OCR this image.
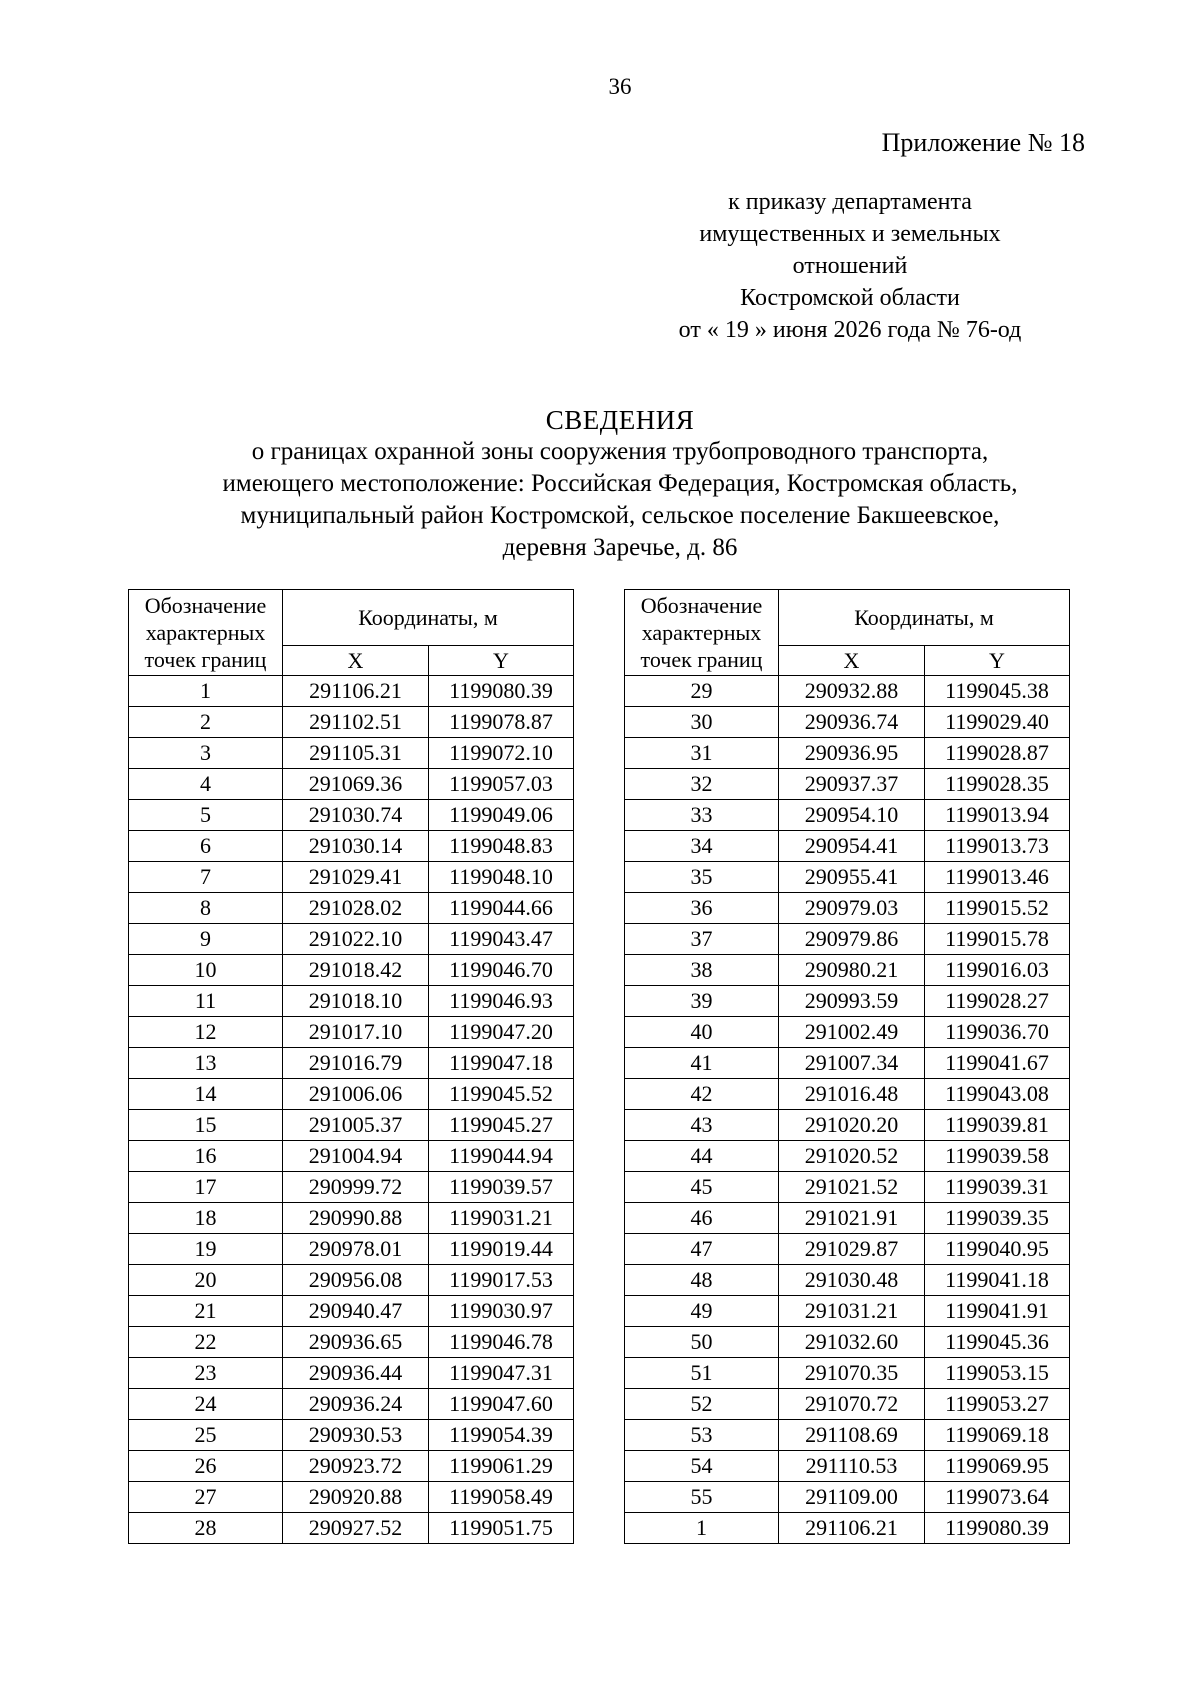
36
Приложение № 18
к приказу департамента
имущественных и земельных
отношений
Костромской области
от « 19 » июня 2026 года № 76-од
СВЕДЕНИЯ
о границах охранной зоны сооружения трубопроводного транспорта,
имеющего местоположение: Российская Федерация, Костромская область,
муниципальный район Костромской, сельское поселение Бакшеевское,
деревня Заречье, д. 86
Обозначение характерных точек границ	Координаты, м	
	X	Y
1	291106.21	1199080.39
2	291102.51	1199078.87
3	291105.31	1199072.10
4	291069.36	1199057.03
5	291030.74	1199049.06
6	291030.14	1199048.83
7	291029.41	1199048.10
8	291028.02	1199044.66
9	291022.10	1199043.47
10	291018.42	1199046.70
11	291018.10	1199046.93
12	291017.10	1199047.20
13	291016.79	1199047.18
14	291006.06	1199045.52
15	291005.37	1199045.27
16	291004.94	1199044.94
17	290999.72	1199039.57
18	290990.88	1199031.21
19	290978.01	1199019.44
20	290956.08	1199017.53
21	290940.47	1199030.97
22	290936.65	1199046.78
23	290936.44	1199047.31
24	290936.24	1199047.60
25	290930.53	1199054.39
26	290923.72	1199061.29
27	290920.88	1199058.49
28	290927.52	1199051.75
Обозначение характерных точек границ	Координаты, м	
	X	Y
29	290932.88	1199045.38
30	290936.74	1199029.40
31	290936.95	1199028.87
32	290937.37	1199028.35
33	290954.10	1199013.94
34	290954.41	1199013.73
35	290955.41	1199013.46
36	290979.03	1199015.52
37	290979.86	1199015.78
38	290980.21	1199016.03
39	290993.59	1199028.27
40	291002.49	1199036.70
41	291007.34	1199041.67
42	291016.48	1199043.08
43	291020.20	1199039.81
44	291020.52	1199039.58
45	291021.52	1199039.31
46	291021.91	1199039.35
47	291029.87	1199040.95
48	291030.48	1199041.18
49	291031.21	1199041.91
50	291032.60	1199045.36
51	291070.35	1199053.15
52	291070.72	1199053.27
53	291108.69	1199069.18
54	291110.53	1199069.95
55	291109.00	1199073.64
1	291106.21	1199080.39
